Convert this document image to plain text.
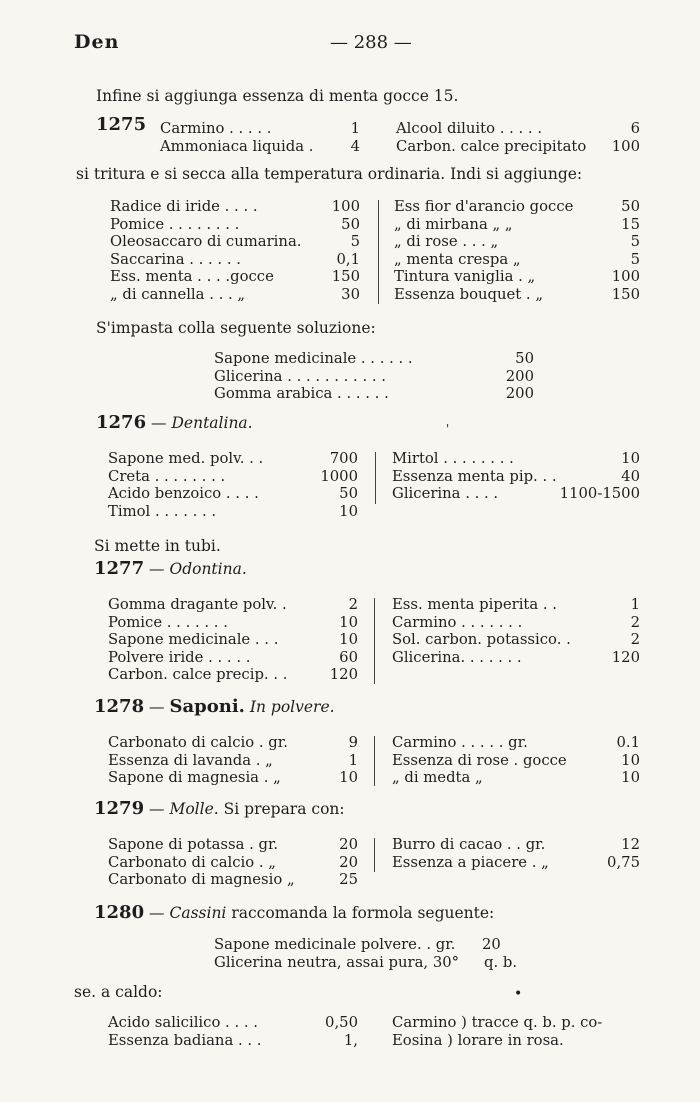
Den	— 288 —
Infine si aggiunga essenza di menta gocce 15.
1275 Carmino . . . . .	1
Ammoniaca liquida .	4
Alcool diluito . . . . .	6
Carbon. calce precipitato 100
si tritura e si secca alla temperatura ordinaria. Indi si aggiunge:
Radice di iride . . . .	100
Pomice . . . . . . . .	50
Oleosaccaro di cumarina.	5
Saccarina . . . . . .	0,1
Ess. menta . . . .gocce	150
„ di cannella . . . „	30
Ess fior d'arancio gocce	50
„ di mirbana „ „	15
„ di rose . . . „	5
„ menta crespa „	5
Tintura vaniglia . „	100
Essenza bouquet . „	150
S'impasta colla seguente soluzione:
Sapone medicinale . . . . . .	50
Glicerina . . . . . . . . . . .	200
Gomma arabica . . . . . .	200
1276 — Dentalina.	'
Sapone med. polv. . .	700
Creta . . . . . . . .	1000
Acido benzoico . . . .	50
Timol . . . . . . .	10
Mirtol . . . . . . . .	10
Essenza menta pip. . .	40
Glicerina . . . .	1100-1500
Si mette in tubi.
1277 — Odontina.
Gomma dragante polv. .	2
Pomice . . . . . . .	10
Sapone medicinale . . .	10
Polvere iride . . . . .	60
Carbon. calce precip. . .	120
Ess. menta piperita . .	1
Carmino . . . . . . .	2
Sol. carbon. potassico. .	2
Glicerina. . . . . . .	120
1278 — Saponi. In polvere.
Carbonato di calcio . gr.	9
Essenza di lavanda . „	1
Sapone di magnesia . „	10
Carmino . . . . . gr.	0.1
Essenza di rose . gocce	10
„ di medta „	10
1279 — Molle. Si prepara con:
Sapone di potassa . gr.	20
Carbonato di calcio . „	20
Carbonato di magnesio „	25
Burro di cacao . . gr.	12
Essenza a piacere . „	0,75
1280 — Cassini raccomanda la formola seguente:
Sapone medicinale polvere. . gr. 20
Glicerina neutra, assai pura, 30° q. b.
se. a caldo:	•
Acido salicilico . . . .	0,50
Essenza badiana . . .	1,
Carmino ) tracce q. b. p. co-
Eosina ) lorare in rosa.
